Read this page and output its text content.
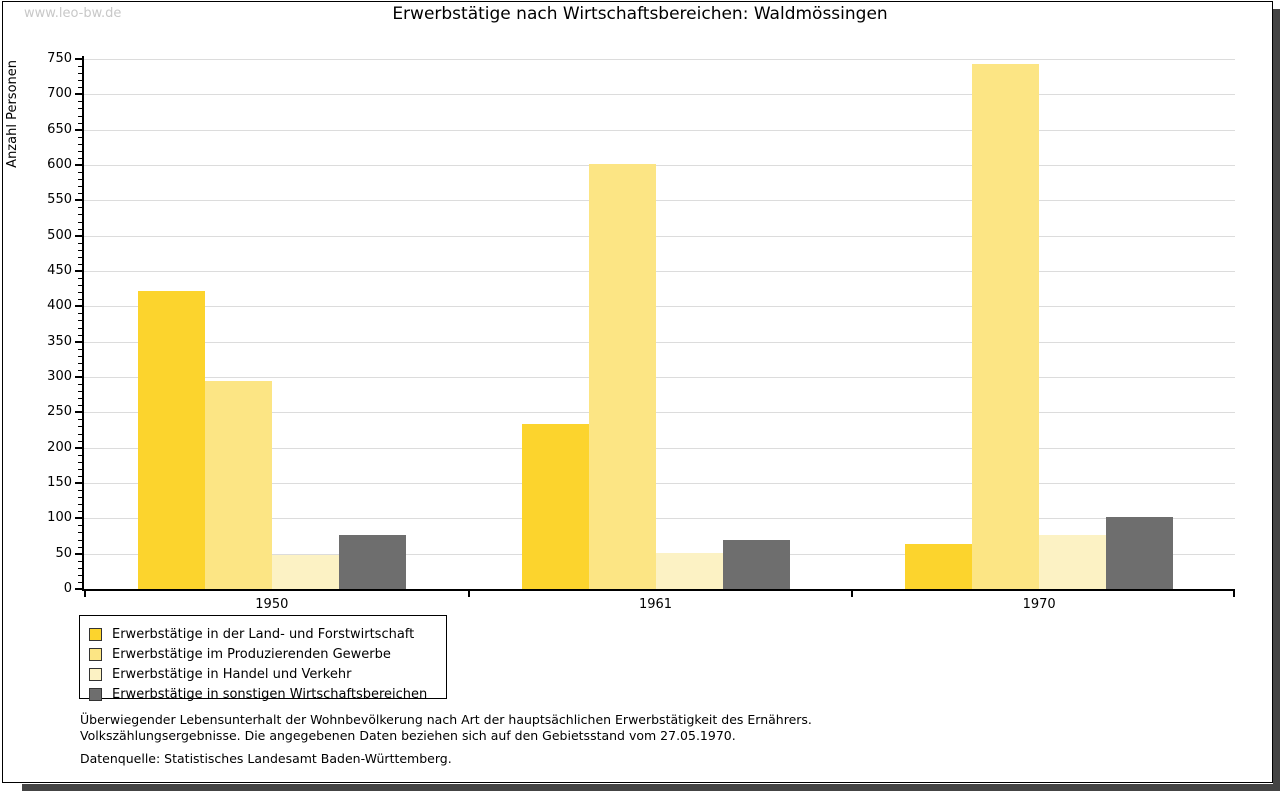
www.leo-bw.de	Erwerbstätige nach Wirtschaftsbereichen: Waldmössingen
Anzahl Personen
0
50
100
150
200
250
300
350
400
450
500
550
600
650
700
750
1950	1961	1970
Erwerbstätige in der Land- und Forstwirtschaft
Erwerbstätige im Produzierenden Gewerbe
Erwerbstätige in Handel und Verkehr
Erwerbstätige in sonstigen Wirtschaftsbereichen
Überwiegender Lebensunterhalt der Wohnbevölkerung nach Art der hauptsächlichen Erwerbstätigkeit des Ernährers.
Volkszählungsergebnisse. Die angegebenen Daten beziehen sich auf den Gebietsstand vom 27.05.1970.
Datenquelle: Statistisches Landesamt Baden-Württemberg.
